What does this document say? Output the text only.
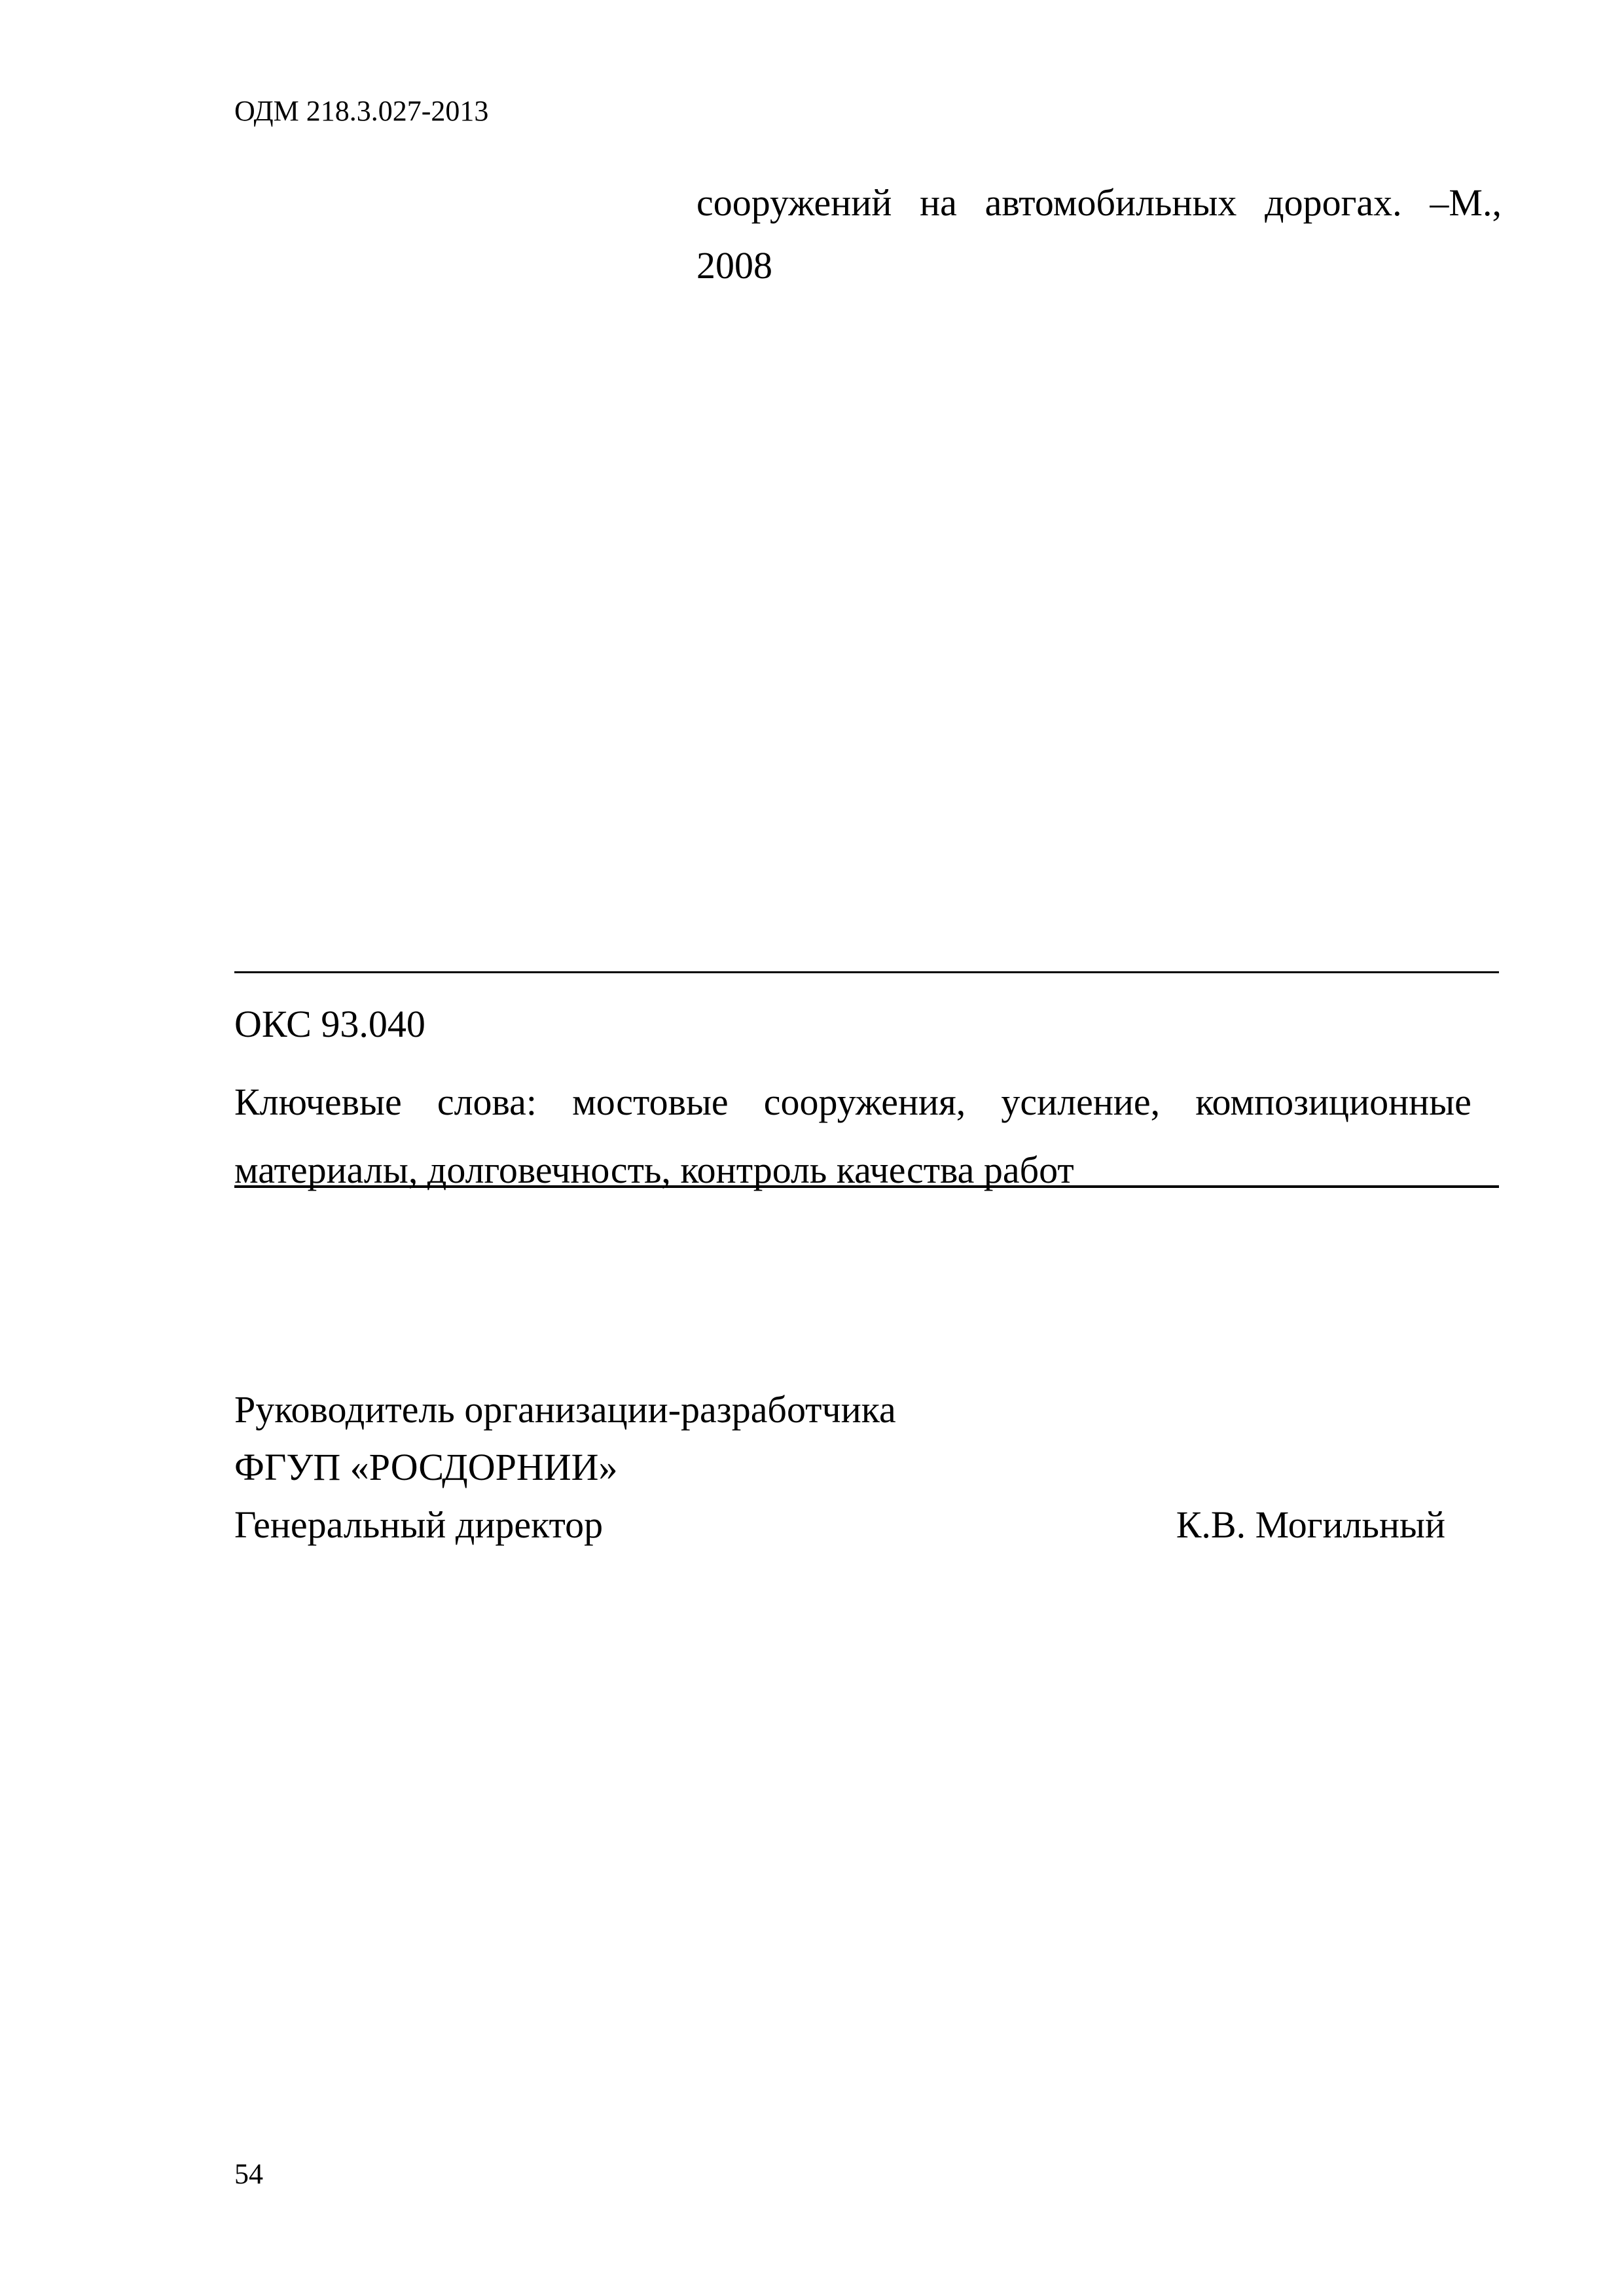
ОДМ 218.3.027-2013
сооружений на автомобильных дорогах. –М.,
2008
ОКС 93.040
Ключевые слова: мостовые сооружения, усиление, композиционные
материалы, долговечность, контроль качества работ
Руководитель организации-разработчика
ФГУП «РОСДОРНИИ»
Генеральный директор	К.В. Могильный
54
